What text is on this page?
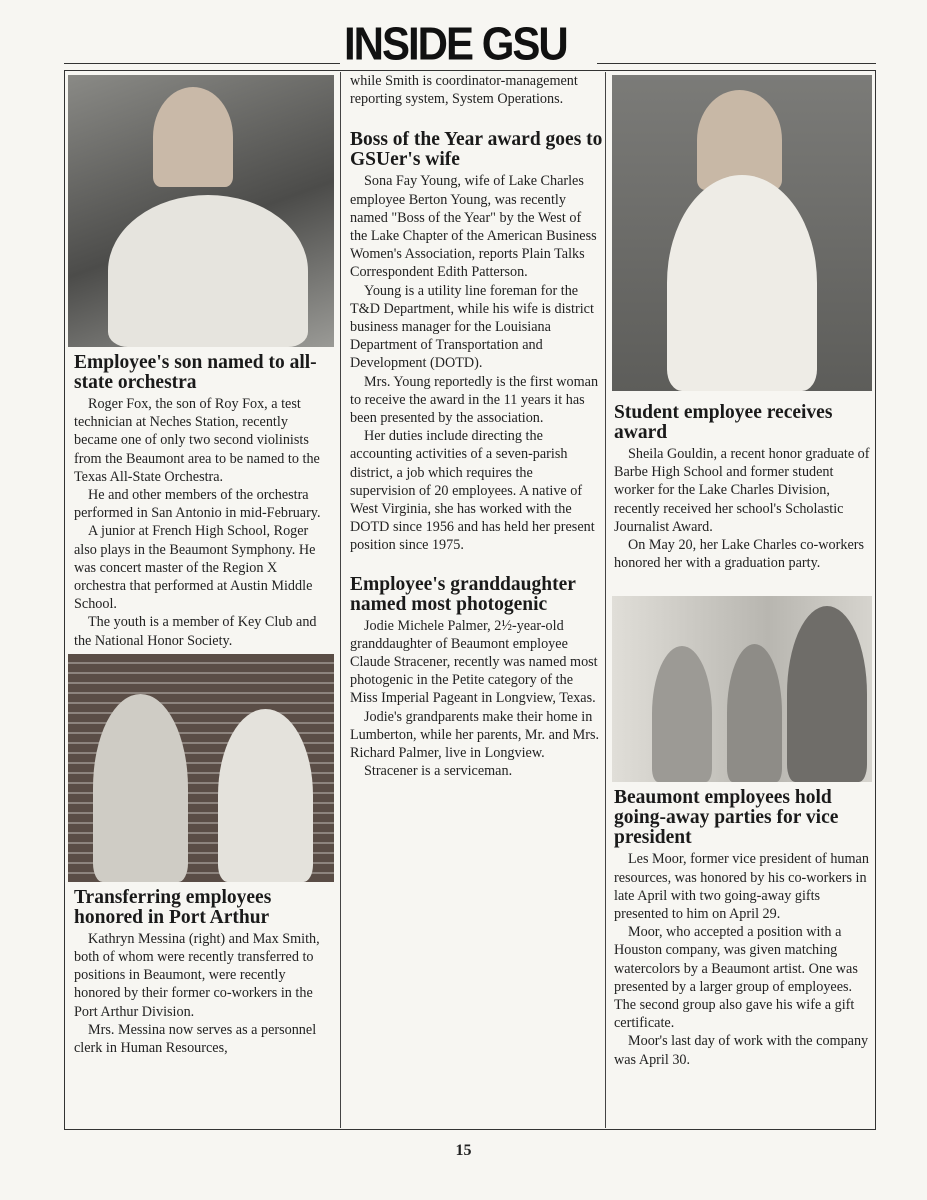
INSIDE GSU
Employee's son named to all-state orchestra

Roger Fox, the son of Roy Fox, a test technician at Neches Station, recently became one of only two second violinists from the Beaumont area to be named to the Texas All-State Orchestra.

He and other members of the orchestra performed in San Antonio in mid-February.

A junior at French High School, Roger also plays in the Beaumont Symphony. He was concert master of the Region X orchestra that performed at Austin Middle School.

The youth is a member of Key Club and the National Honor Society.

Transferring employees honored in Port Arthur

Kathryn Messina (right) and Max Smith, both of whom were recently transferred to positions in Beaumont, were recently honored by their former co-workers in the Port Arthur Division.

Mrs. Messina now serves as a personnel clerk in Human Resources,

while Smith is coordinator-management reporting system, System Operations.

Boss of the Year award goes to GSUer's wife

Sona Fay Young, wife of Lake Charles employee Berton Young, was recently named "Boss of the Year" by the West of the Lake Chapter of the American Business Women's Association, reports Plain Talks Correspondent Edith Patterson.

Young is a utility line foreman for the T&D Department, while his wife is district business manager for the Louisiana Department of Transportation and Development (DOTD).

Mrs. Young reportedly is the first woman to receive the award in the 11 years it has been presented by the association.

Her duties include directing the accounting activities of a seven-parish district, a job which requires the supervision of 20 employees. A native of West Virginia, she has worked with the DOTD since 1956 and has held her present position since 1975.

Employee's granddaughter named most photogenic

Jodie Michele Palmer, 2½-year-old granddaughter of Beaumont employee Claude Stracener, recently was named most photogenic in the Petite category of the Miss Imperial Pageant in Longview, Texas.

Jodie's grandparents make their home in Lumberton, while her parents, Mr. and Mrs. Richard Palmer, live in Longview.

Stracener is a serviceman.

Student employee receives award

Sheila Gouldin, a recent honor graduate of Barbe High School and former student worker for the Lake Charles Division, recently received her school's Scholastic Journalist Award.

On May 20, her Lake Charles co-workers honored her with a graduation party.

Beaumont employees hold going-away parties for vice president

Les Moor, former vice president of human resources, was honored by his co-workers in late April with two going-away gifts presented to him on April 29.

Moor, who accepted a position with a Houston company, was given matching watercolors by a Beaumont artist. One was presented by a larger group of employees. The second group also gave his wife a gift certificate.

Moor's last day of work with the company was April 30.

15
